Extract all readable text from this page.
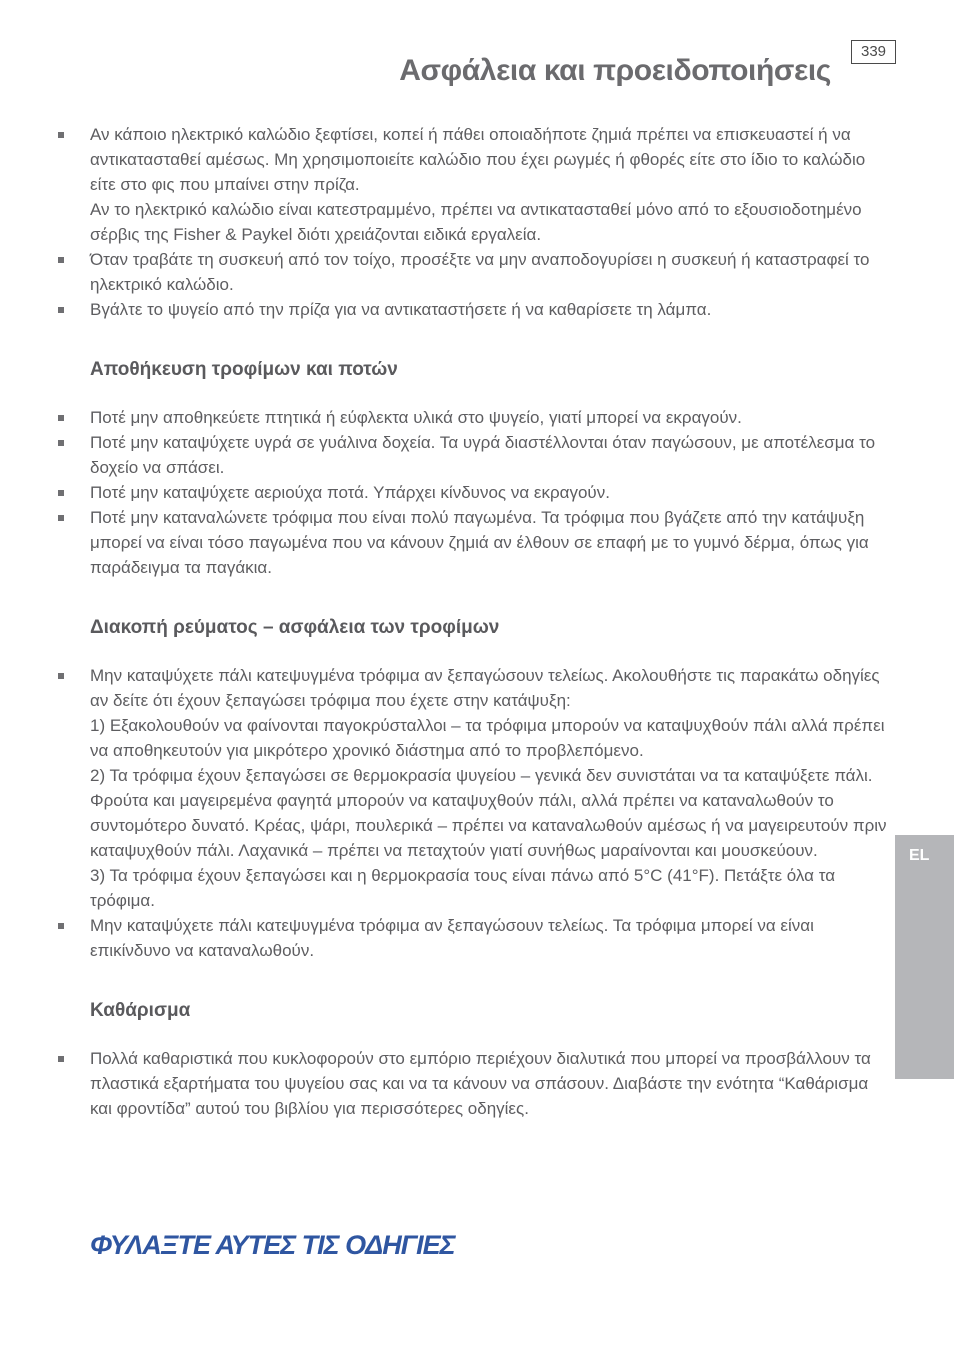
Ασφάλεια και προειδοποιήσεις
339
EL
Αν κάποιο ηλεκτρικό καλώδιο ξεφτίσει, κοπεί ή πάθει οποιαδήποτε ζημιά πρέπει να επισκευαστεί ή να αντικατασταθεί αμέσως. Μη χρησιμοποιείτε καλώδιο που έχει ρωγμές ή φθορές είτε στο ίδιο το καλώδιο είτε στο φις που μπαίνει στην πρίζα.
Αν το ηλεκτρικό καλώδιο είναι κατεστραμμένο, πρέπει να αντικατασταθεί μόνο από το εξουσιοδοτημένο σέρβις της Fisher & Paykel διότι χρειάζονται ειδικά εργαλεία.
Όταν τραβάτε τη συσκευή από τον τοίχο, προσέξτε να μην αναποδογυρίσει η συσκευή ή καταστραφεί το ηλεκτρικό καλώδιο.
Βγάλτε το ψυγείο από την πρίζα για να αντικαταστήσετε ή να καθαρίσετε τη λάμπα.
Αποθήκευση τροφίμων και ποτών
Ποτέ μην αποθηκεύετε πτητικά ή εύφλεκτα υλικά στο ψυγείο, γιατί μπορεί να εκραγούν.
Ποτέ μην καταψύχετε υγρά σε γυάλινα δοχεία. Τα υγρά διαστέλλονται όταν παγώσουν, με αποτέλεσμα το δοχείο να σπάσει.
Ποτέ μην καταψύχετε αεριούχα ποτά. Υπάρχει κίνδυνος να εκραγούν.
Ποτέ μην καταναλώνετε τρόφιμα που είναι πολύ παγωμένα. Τα τρόφιμα που βγάζετε από την κατάψυξη μπορεί να είναι τόσο παγωμένα που να κάνουν ζημιά αν έλθουν σε επαφή με το γυμνό δέρμα, όπως για παράδειγμα τα παγάκια.
Διακοπή ρεύματος – ασφάλεια των τροφίμων
Μην καταψύχετε πάλι κατεψυγμένα τρόφιμα αν ξεπαγώσουν τελείως. Ακολουθήστε τις παρακάτω οδηγίες αν δείτε ότι έχουν ξεπαγώσει τρόφιμα που έχετε στην κατάψυξη:
1) Εξακολουθούν να φαίνονται παγοκρύσταλλοι – τα τρόφιμα μπορούν να καταψυχθούν πάλι αλλά πρέπει να αποθηκευτούν για μικρότερο χρονικό διάστημα από το προβλεπόμενο.
2) Τα τρόφιμα έχουν ξεπαγώσει σε θερμοκρασία ψυγείου – γενικά δεν συνιστάται να τα καταψύξετε πάλι. Φρούτα και μαγειρεμένα φαγητά μπορούν να καταψυχθούν πάλι, αλλά πρέπει να καταναλωθούν το συντομότερο δυνατό. Κρέας, ψάρι, πουλερικά – πρέπει να καταναλωθούν αμέσως ή να μαγειρευτούν πριν καταψυχθούν πάλι. Λαχανικά – πρέπει να πεταχτούν γιατί συνήθως μαραίνονται και μουσκεύουν.
3) Τα τρόφιμα έχουν ξεπαγώσει και η θερμοκρασία τους είναι πάνω από 5°C (41°F). Πετάξτε όλα τα τρόφιμα.
Μην καταψύχετε πάλι κατεψυγμένα τρόφιμα αν ξεπαγώσουν τελείως. Τα τρόφιμα μπορεί να είναι επικίνδυνο να καταναλωθούν.
Καθάρισμα
Πολλά καθαριστικά που κυκλοφορούν στο εμπόριο περιέχουν διαλυτικά που μπορεί να προσβάλλουν τα πλαστικά εξαρτήματα του ψυγείου σας και να τα κάνουν να σπάσουν. Διαβάστε την ενότητα “Καθάρισμα και φροντίδα” αυτού του βιβλίου για περισσότερες οδηγίες.
ΦΥΛΑΞΤΕ ΑΥΤΕΣ ΤΙΣ ΟΔΗΓΙΕΣ
